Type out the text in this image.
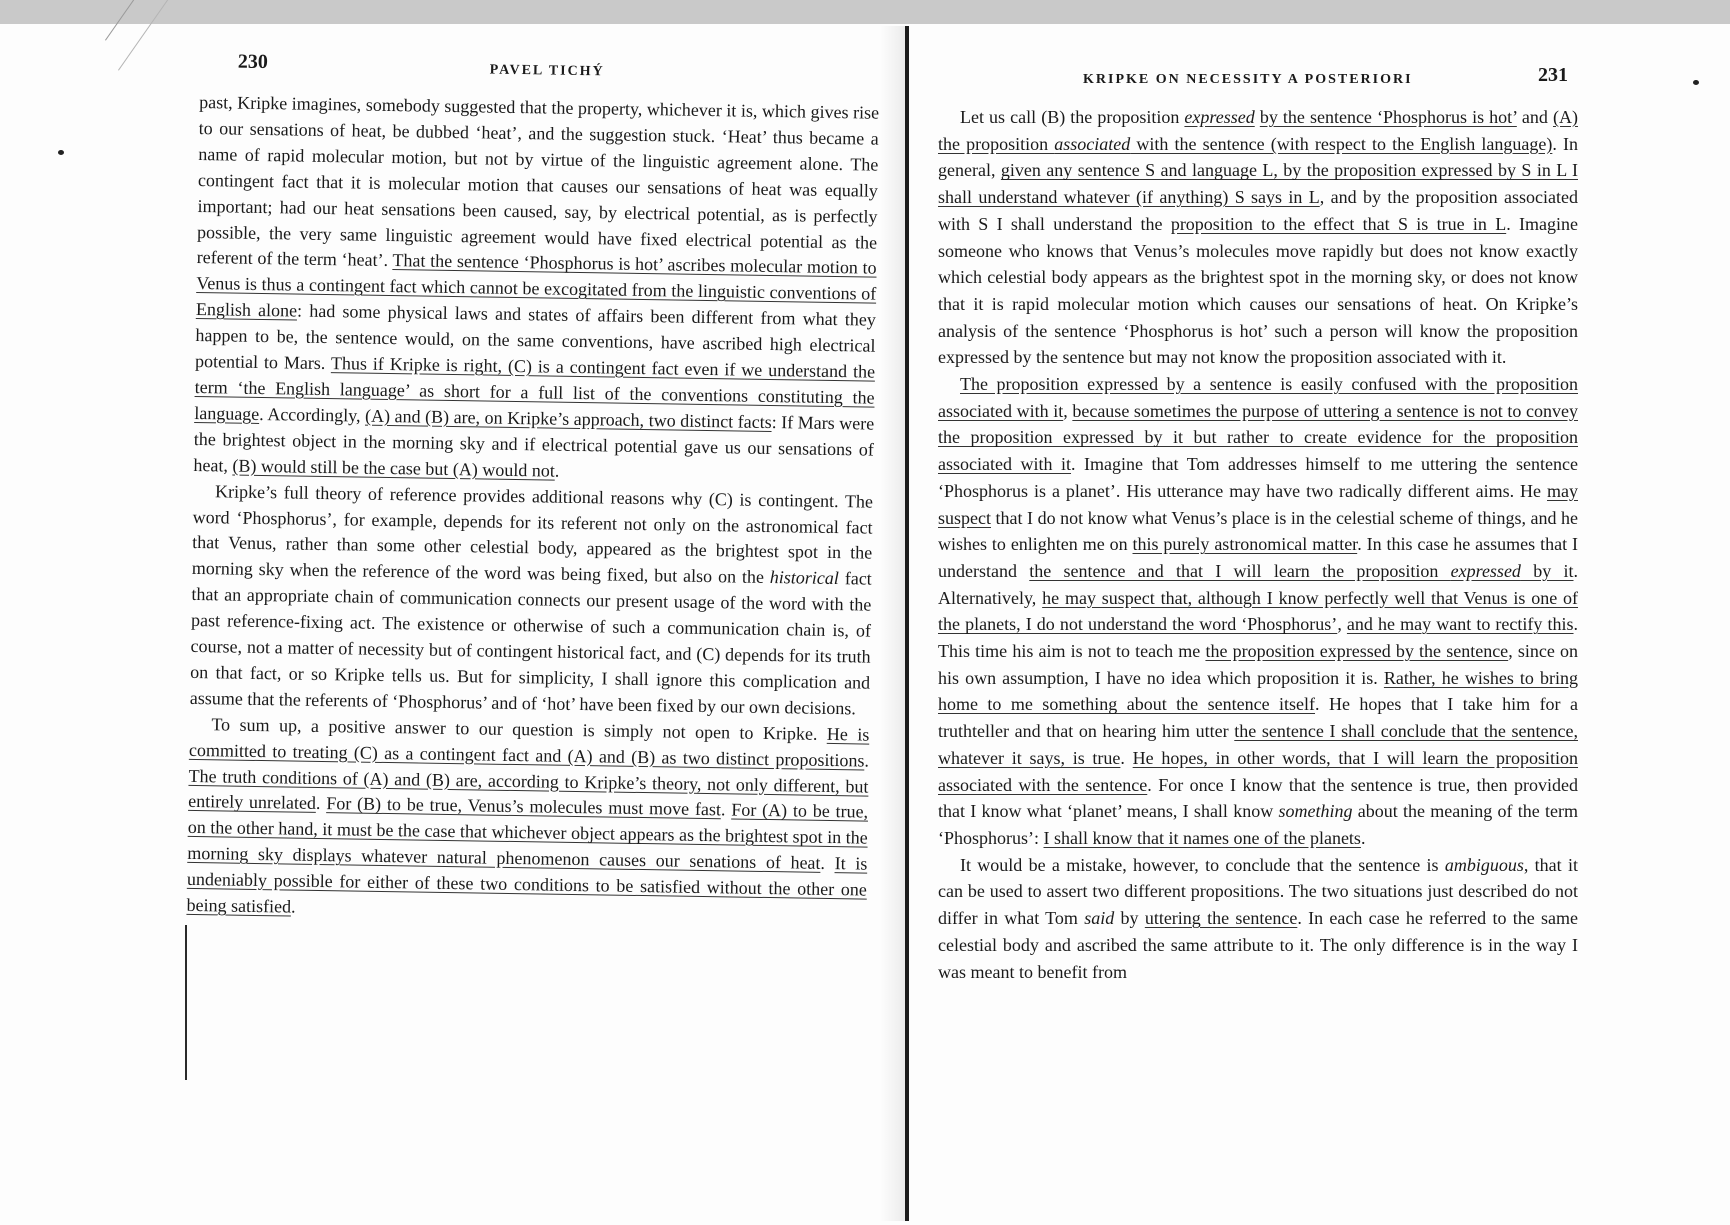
230	PAVEL TICHÝ

past, Kripke imagines, somebody suggested that the property, whichever it is, which gives rise to our sensations of heat, be dubbed ‘heat’, and the suggestion stuck. ‘Heat’ thus became a name of rapid molecular motion, but not by virtue of the linguistic agreement alone. The contingent fact that it is molecular motion that causes our sensations of heat was equally important; had our heat sensations been caused, say, by electrical potential, as is perfectly possible, the very same linguistic agreement would have fixed electrical potential as the referent of the term ‘heat’. That the sentence ‘Phosphorus is hot’ ascribes molecular motion to Venus is thus a contingent fact which cannot be excogitated from the linguistic conventions of English alone: had some physical laws and states of affairs been different from what they happen to be, the sentence would, on the same conventions, have ascribed high electrical potential to Mars. Thus if Kripke is right, (C) is a contingent fact even if we understand the term ‘the English language’ as short for a full list of the conventions constituting the language. Accordingly, (A) and (B) are, on Kripke’s approach, two distinct facts: If Mars were the brightest object in the morning sky and if electrical potential gave us our sensations of heat, (B) would still be the case but (A) would not.

Kripke’s full theory of reference provides additional reasons why (C) is contingent. The word ‘Phosphorus’, for example, depends for its referent not only on the astronomical fact that Venus, rather than some other celestial body, appeared as the brightest spot in the morning sky when the reference of the word was being fixed, but also on the historical fact that an appropriate chain of communication connects our present usage of the word with the past reference-fixing act. The existence or otherwise of such a communication chain is, of course, not a matter of necessity but of contingent historical fact, and (C) depends for its truth on that fact, or so Kripke tells us. But for simplicity, I shall ignore this complication and assume that the referents of ‘Phosphorus’ and of ‘hot’ have been fixed by our own decisions.

To sum up, a positive answer to our question is simply not open to Kripke. He is committed to treating (C) as a contingent fact and (A) and (B) as two distinct propositions. The truth conditions of (A) and (B) are, according to Kripke’s theory, not only different, but entirely unrelated. For (B) to be true, Venus’s molecules must move fast. For (A) to be true, on the other hand, it must be the case that whichever object appears as the brightest spot in the morning sky displays whatever natural phenomenon causes our senations of heat. It is undeniably possible for either of these two conditions to be satisfied without the other one being satisfied.

KRIPKE ON NECESSITY A POSTERIORI	231

Let us call (B) the proposition expressed by the sentence ‘Phosphorus is hot’ and (A) the proposition associated with the sentence (with respect to the English language). In general, given any sentence S and language L, by the proposition expressed by S in L I shall understand whatever (if anything) S says in L, and by the proposition associated with S I shall understand the proposition to the effect that S is true in L. Imagine someone who knows that Venus’s molecules move rapidly but does not know exactly which celestial body appears as the brightest spot in the morning sky, or does not know that it is rapid molecular motion which causes our sensations of heat. On Kripke’s analysis of the sentence ‘Phosphorus is hot’ such a person will know the proposition expressed by the sentence but may not know the proposition associated with it.

The proposition expressed by a sentence is easily confused with the proposition associated with it, because sometimes the purpose of uttering a sentence is not to convey the proposition expressed by it but rather to create evidence for the proposition associated with it. Imagine that Tom addresses himself to me uttering the sentence ‘Phosphorus is a planet’. His utterance may have two radically different aims. He may suspect that I do not know what Venus’s place is in the celestial scheme of things, and he wishes to enlighten me on this purely astronomical matter. In this case he assumes that I understand the sentence and that I will learn the proposition expressed by it. Alternatively, he may suspect that, although I know perfectly well that Venus is one of the planets, I do not understand the word ‘Phosphorus’, and he may want to rectify this. This time his aim is not to teach me the proposition expressed by the sentence, since on his own assumption, I have no idea which proposition it is. Rather, he wishes to bring home to me something about the sentence itself. He hopes that I take him for a truthteller and that on hearing him utter the sentence I shall conclude that the sentence, whatever it says, is true. He hopes, in other words, that I will learn the proposition associated with the sentence. For once I know that the sentence is true, then provided that I know what ‘planet’ means, I shall know something about the meaning of the term ‘Phosphorus’: I shall know that it names one of the planets.

It would be a mistake, however, to conclude that the sentence is ambiguous, that it can be used to assert two different propositions. The two situations just described do not differ in what Tom said by uttering the sentence. In each case he referred to the same celestial body and ascribed the same attribute to it. The only difference is in the way I was meant to benefit from
